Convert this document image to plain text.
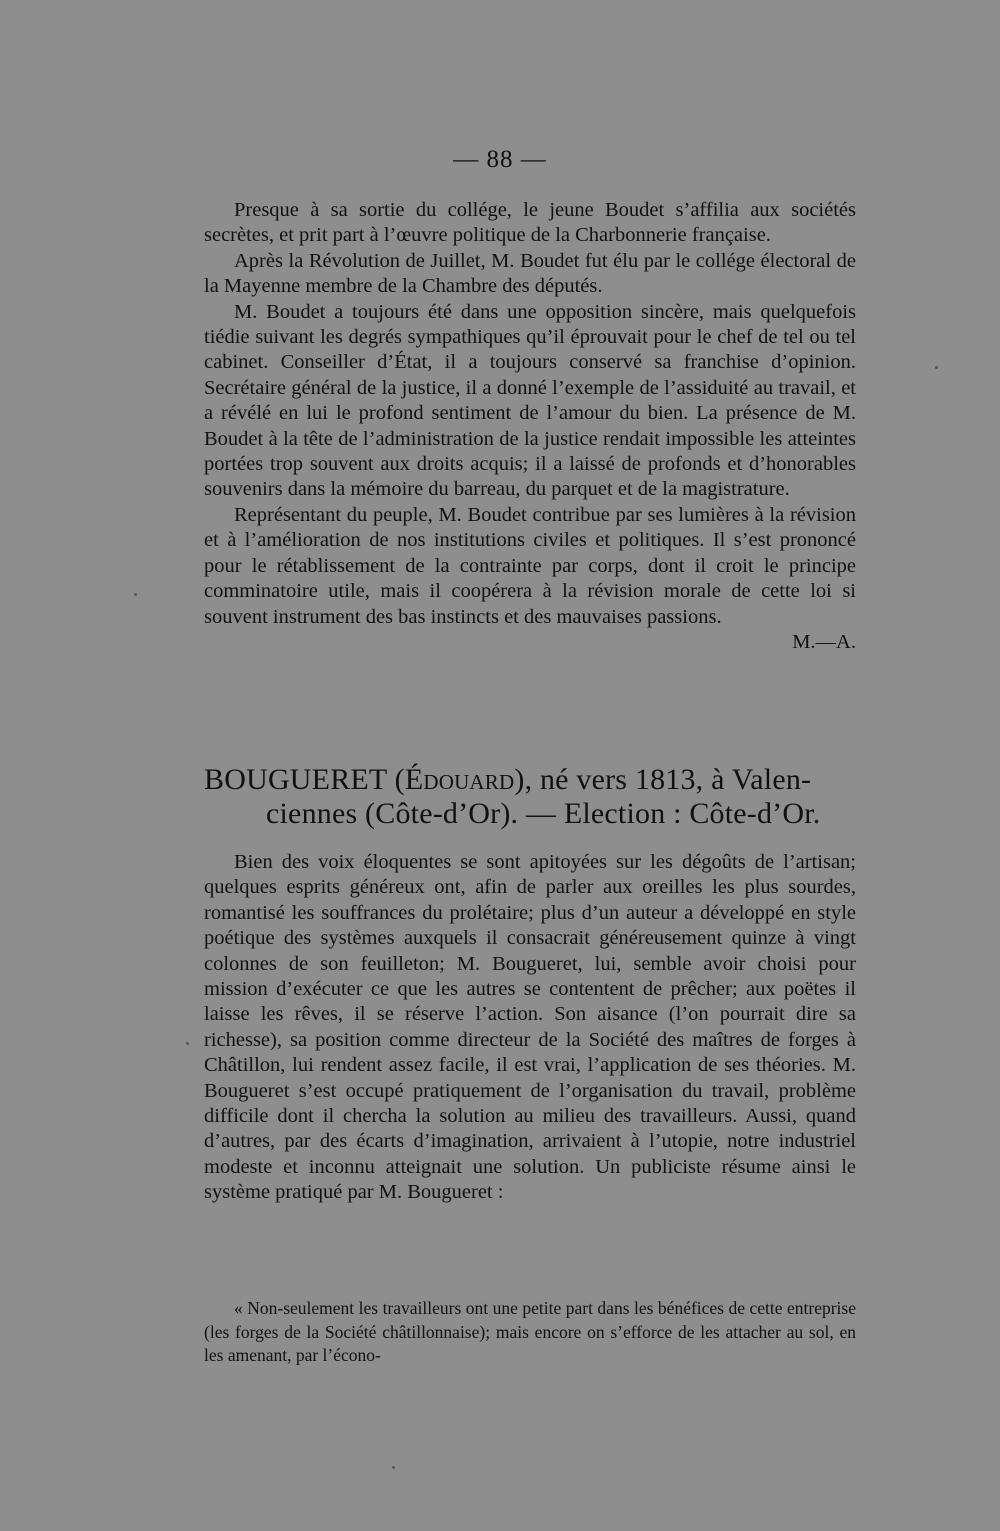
— 88 —

Presque à sa sortie du collége, le jeune Boudet s’affilia aux sociétés secrètes, et prit part à l’œuvre politique de la Charbonnerie française.

Après la Révolution de Juillet, M. Boudet fut élu par le collége électoral de la Mayenne membre de la Chambre des députés.

M. Boudet a toujours été dans une opposition sincère, mais quelquefois tiédie suivant les degrés sympathiques qu’il éprouvait pour le chef de tel ou tel cabinet. Conseiller d’État, il a toujours conservé sa franchise d’opinion. Secrétaire général de la justice, il a donné l’exemple de l’assiduité au travail, et a révélé en lui le profond sentiment de l’amour du bien. La présence de M. Boudet à la tête de l’administration de la justice rendait impossible les atteintes portées trop souvent aux droits acquis; il a laissé de profonds et d’honorables souvenirs dans la mémoire du barreau, du parquet et de la magistrature.

Représentant du peuple, M. Boudet contribue par ses lumières à la révision et à l’amélioration de nos institutions civiles et politiques. Il s’est prononcé pour le rétablissement de la contrainte par corps, dont il croit le principe comminatoire utile, mais il coopérera à la révision morale de cette loi si souvent instrument des bas instincts et des mauvaises passions.

M.—A.
BOUGUERET (Édouard), né vers 1813, à Valen-
ciennes (Côte-d’Or). — Election : Côte-d’Or.

Bien des voix éloquentes se sont apitoyées sur les dégoûts de l’artisan; quelques esprits généreux ont, afin de parler aux oreilles les plus sourdes, romantisé les souffrances du prolétaire; plus d’un auteur a développé en style poétique des systèmes auxquels il consacrait généreusement quinze à vingt colonnes de son feuilleton; M. Bougueret, lui, semble avoir choisi pour mission d’exécuter ce que les autres se contentent de prêcher; aux poëtes il laisse les rêves, il se réserve l’action. Son aisance (l’on pourrait dire sa richesse), sa position comme directeur de la Société des maîtres de forges à Châtillon, lui rendent assez facile, il est vrai, l’application de ses théories. M. Bougueret s’est occupé pratiquement de l’organisation du travail, problème difficile dont il chercha la solution au milieu des travailleurs. Aussi, quand d’autres, par des écarts d’imagination, arrivaient à l’utopie, notre industriel modeste et inconnu atteignait une solution. Un publiciste résume ainsi le système pratiqué par M. Bougueret :

« Non-seulement les travailleurs ont une petite part dans les bénéfices de cette entreprise (les forges de la Société châtillonnaise); mais encore on s’efforce de les attacher au sol, en les amenant, par l’écono-
